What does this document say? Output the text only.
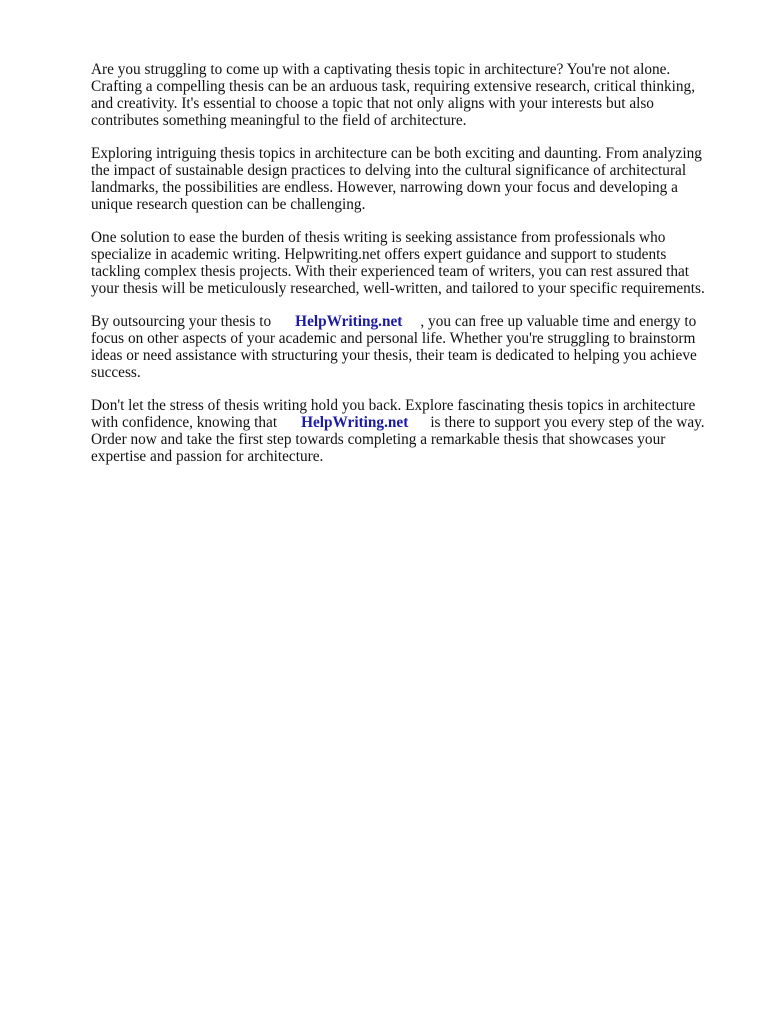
Are you struggling to come up with a captivating thesis topic in architecture? You're not alone.
Crafting a compelling thesis can be an arduous task, requiring extensive research, critical thinking,
and creativity. It's essential to choose a topic that not only aligns with your interests but also
contributes something meaningful to the field of architecture.

Exploring intriguing thesis topics in architecture can be both exciting and daunting. From analyzing
the impact of sustainable design practices to delving into the cultural significance of architectural
landmarks, the possibilities are endless. However, narrowing down your focus and developing a
unique research question can be challenging.

One solution to ease the burden of thesis writing is seeking assistance from professionals who
specialize in academic writing. Helpwriting.net offers expert guidance and support to students
tackling complex thesis projects. With their experienced team of writers, you can rest assured that
your thesis will be meticulously researched, well-written, and tailored to your specific requirements.

By outsourcing your thesis to HelpWriting.net , you can free up valuable time and energy to
focus on other aspects of your academic and personal life. Whether you're struggling to brainstorm
ideas or need assistance with structuring your thesis, their team is dedicated to helping you achieve
success.

Don't let the stress of thesis writing hold you back. Explore fascinating thesis topics in architecture
with confidence, knowing that HelpWriting.net is there to support you every step of the way.
Order now and take the first step towards completing a remarkable thesis that showcases your
expertise and passion for architecture.
